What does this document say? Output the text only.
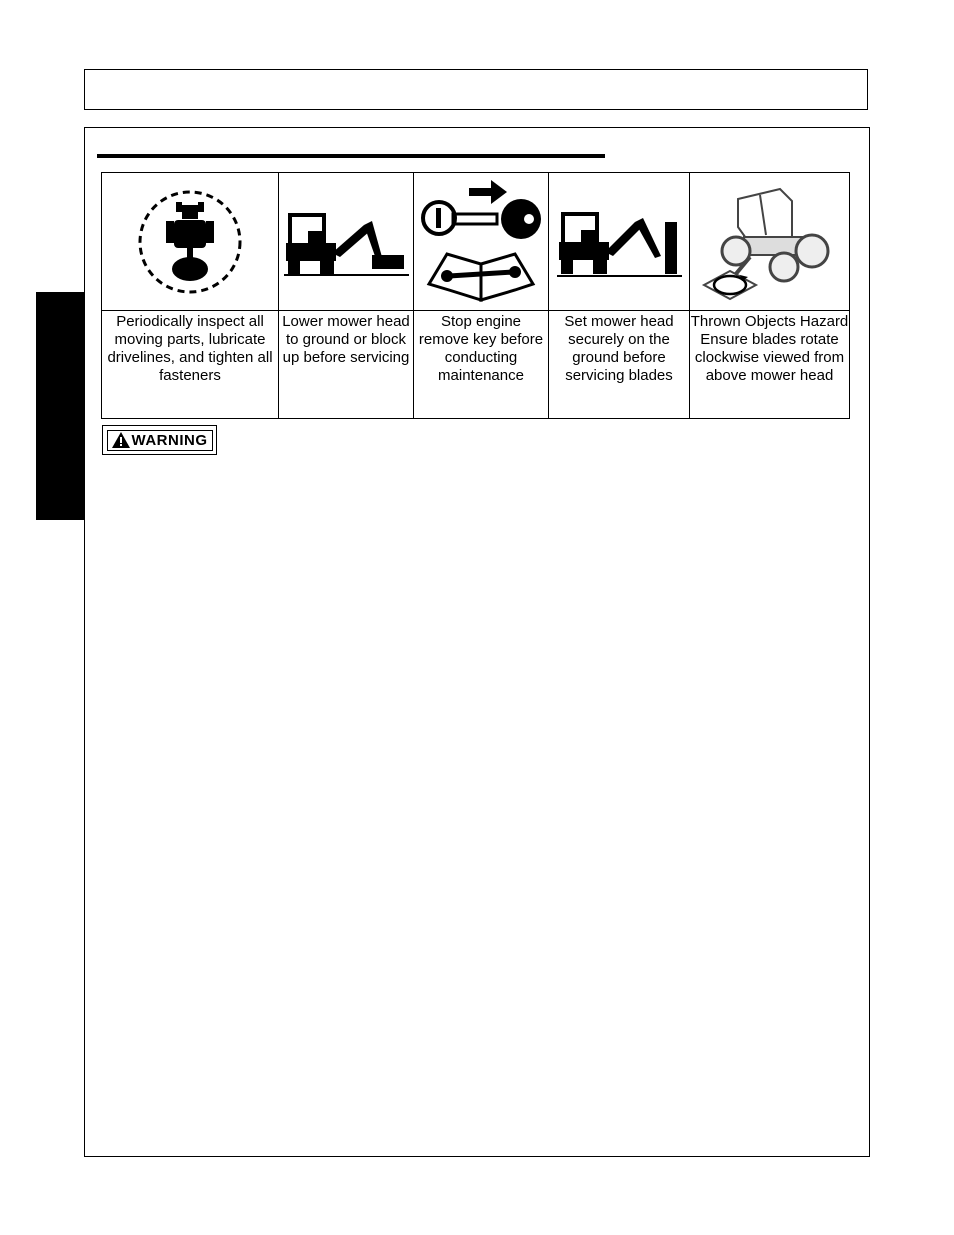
Periodically inspect all moving parts, lubricate drivelines, and tighten all fasteners	Lower mower head to ground or block up before servicing	Stop engine remove key before conducting maintenance	Set mower head securely on the ground before servicing blades	Thrown Objects Hazard Ensure blades rotate clockwise viewed from above mower head
WARNING
